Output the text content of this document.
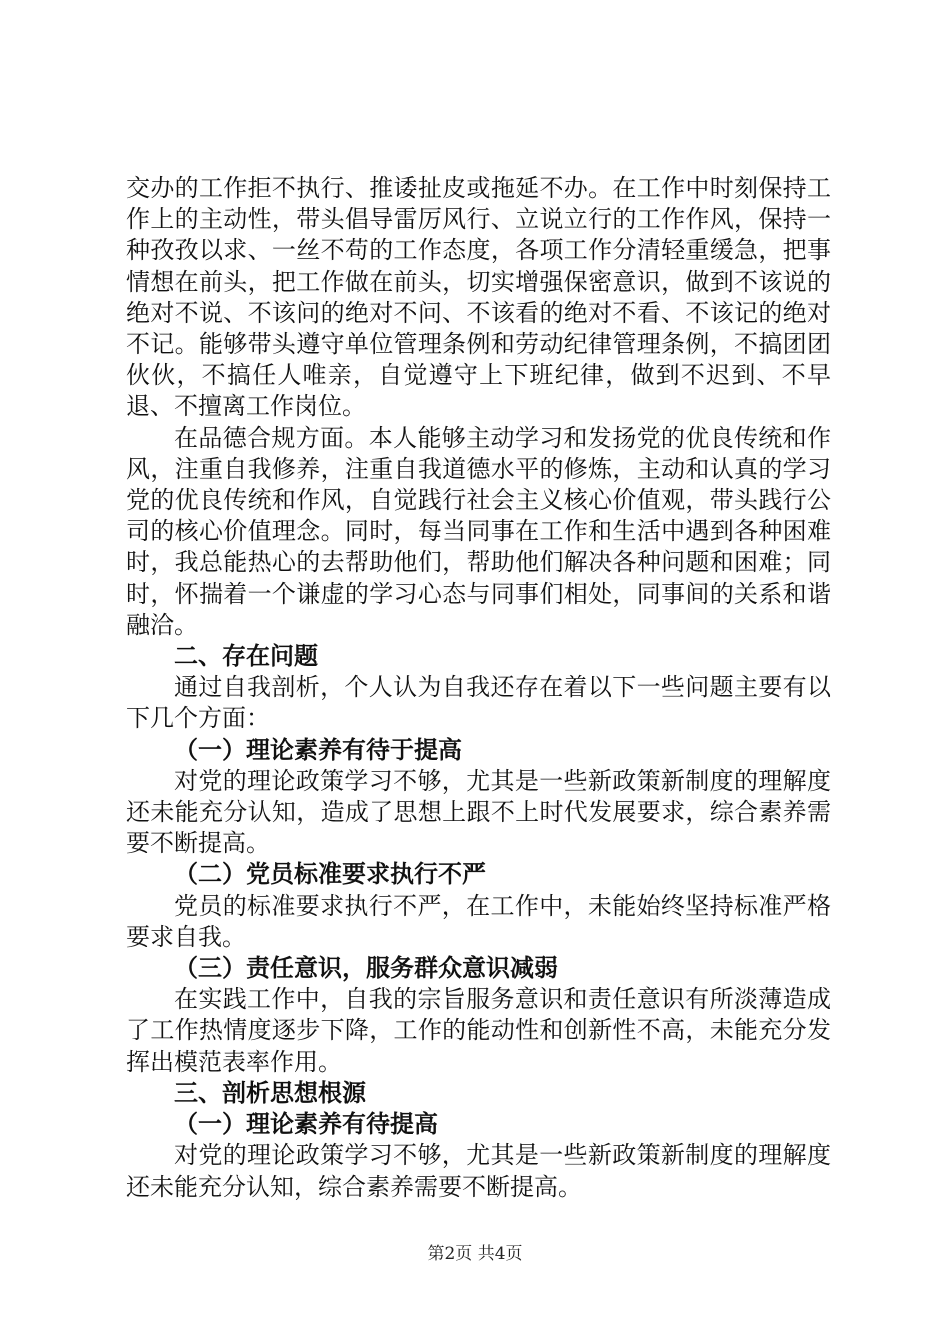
交办的工作拒不执行、推诿扯皮或拖延不办。在工作中时刻保持工作上的主动性，带头倡导雷厉风行、立说立行的工作作风，保持一种孜孜以求、一丝不苟的工作态度，各项工作分清轻重缓急，把事情想在前头，把工作做在前头，切实增强保密意识，做到不该说的绝对不说、不该问的绝对不问、不该看的绝对不看、不该记的绝对不记。能够带头遵守单位管理条例和劳动纪律管理条例，不搞团团伙伙，不搞任人唯亲，自觉遵守上下班纪律，做到不迟到、不早退、不擅离工作岗位。

在品德合规方面。本人能够主动学习和发扬党的优良传统和作风，注重自我修养，注重自我道德水平的修炼，主动和认真的学习党的优良传统和作风，自觉践行社会主义核心价值观，带头践行公司的核心价值理念。同时，每当同事在工作和生活中遇到各种困难时，我总能热心的去帮助他们，帮助他们解决各种问题和困难；同时，怀揣着一个谦虚的学习心态与同事们相处，同事间的关系和谐融洽。

二、存在问题

通过自我剖析，个人认为自我还存在着以下一些问题主要有以下几个方面：

（一）理论素养有待于提高

对党的理论政策学习不够，尤其是一些新政策新制度的理解度还未能充分认知，造成了思想上跟不上时代发展要求，综合素养需要不断提高。

（二）党员标准要求执行不严

党员的标准要求执行不严，在工作中，未能始终坚持标准严格要求自我。

（三）责任意识，服务群众意识减弱

在实践工作中，自我的宗旨服务意识和责任意识有所淡薄造成了工作热情度逐步下降，工作的能动性和创新性不高，未能充分发挥出模范表率作用。

三、剖析思想根源

（一）理论素养有待提高

对党的理论政策学习不够，尤其是一些新政策新制度的理解度还未能充分认知，综合素养需要不断提高。

第2页 共4页
